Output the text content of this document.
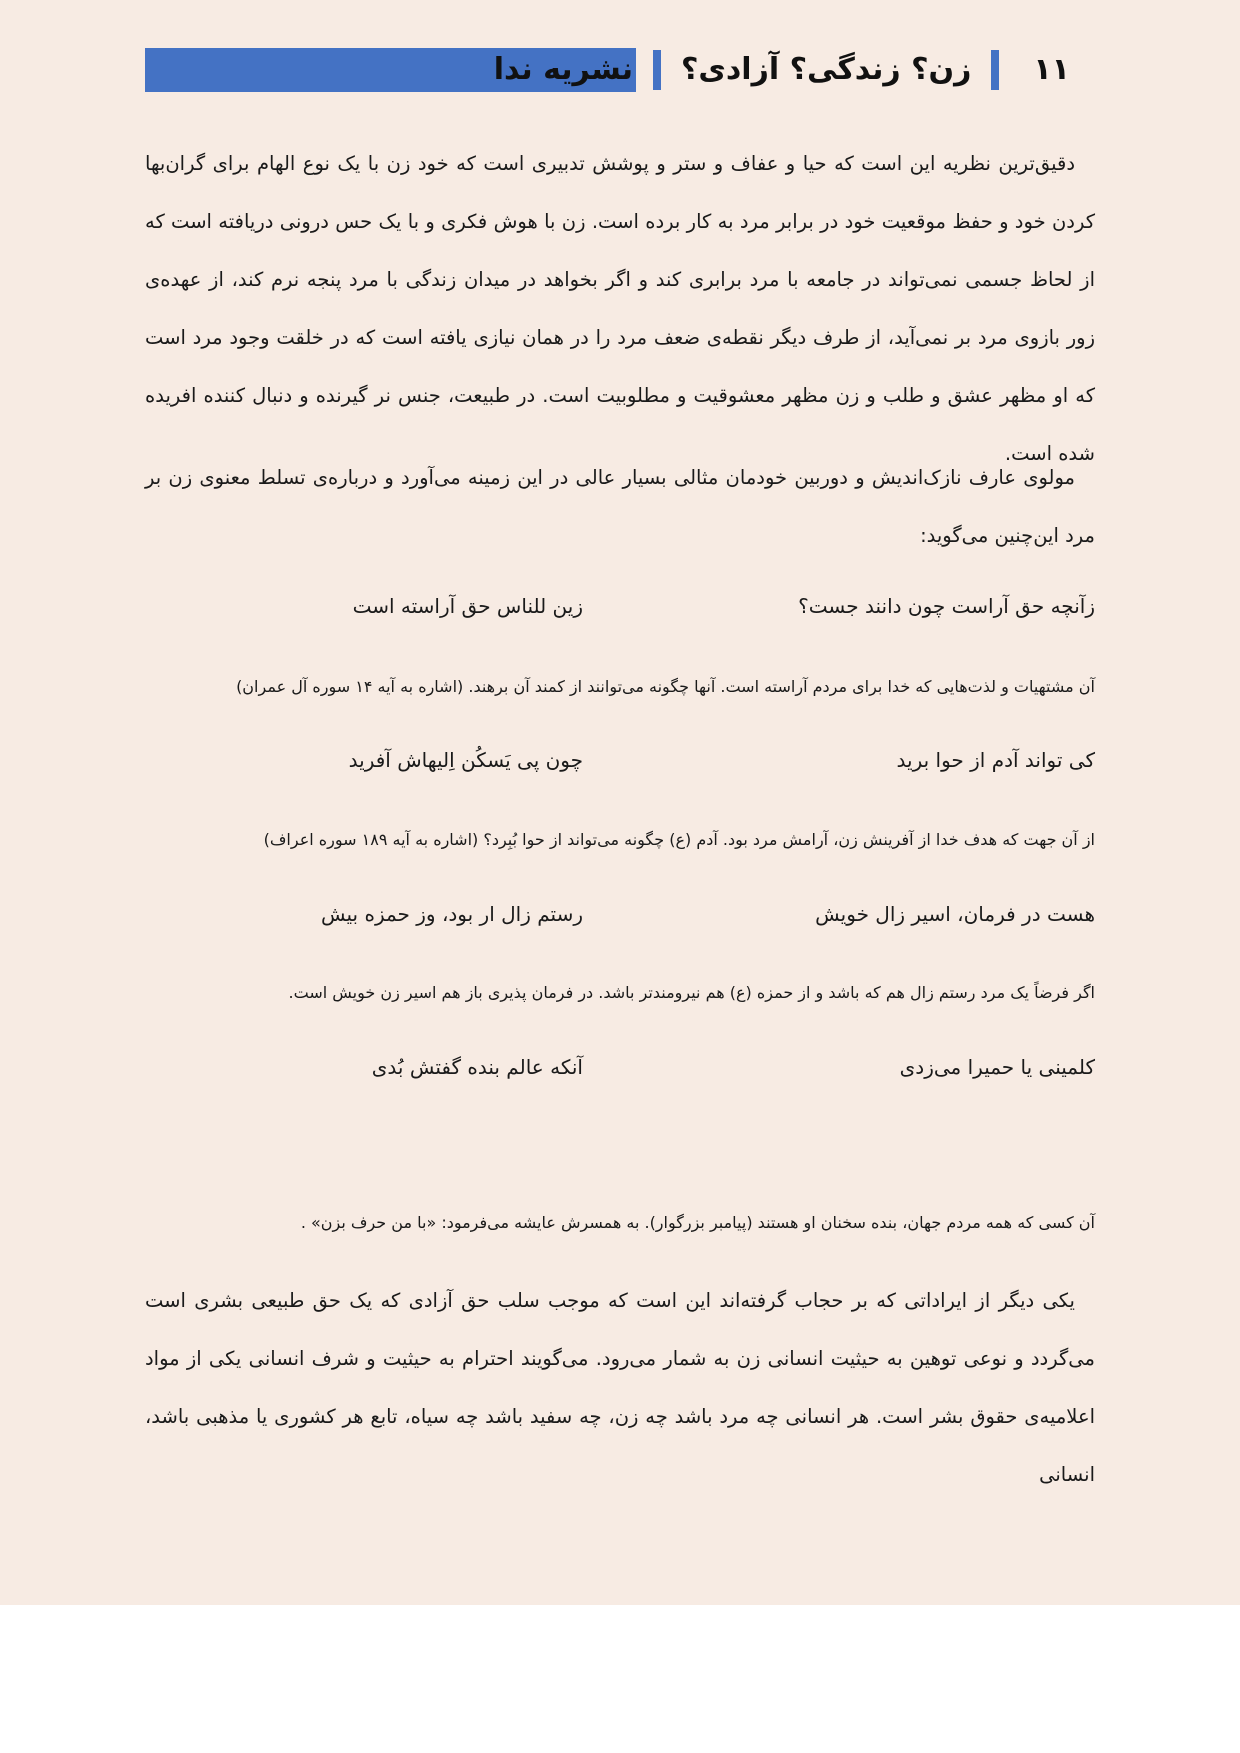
نشریه ندا	زن؟ زندگی؟ آزادی؟	۱۱

دقیق‌ترین نظریه این است که حیا و عفاف و ستر و پوشش تدبیری است که خود زن با یک نوع الهام برای گران‌بها کردن خود و حفظ موقعیت خود در برابر مرد به کار برده است. زن با هوش فکری و با یک حس درونی دریافته است که از لحاظ جسمی نمی‌تواند در جامعه با مرد برابری کند و اگر بخواهد در میدان زندگی با مرد پنجه نرم کند، از عهده‌ی زور بازوی مرد بر نمی‌آید، از طرف دیگر نقطه‌ی ضعف مرد را در همان نیازی یافته است که در خلقت وجود مرد است که او مظهر عشق و طلب و زن مظهر معشوقیت و مطلوبیت است. در طبیعت، جنس نر گیرنده و دنبال کننده افریده شده است.

مولوی عارف نازک‌اندیش و دوربین خودمان مثالی بسیار عالی در این زمینه می‌آورد و درباره‌ی تسلط معنوی زن بر مرد این‌چنین می‌گوید:

زآنچه حق آراست چون دانند جست؟
زین للناس حق آراسته است
آن مشتهیات و لذت‌هایی که خدا برای مردم آراسته است. آنها چگونه می‌توانند از کمند آن برهند. (اشاره به آیه ۱۴ سوره آل عمران)
کی تواند آدم از حوا برید
چون پی یَسکُن اِلیهاش آفرید
از آن جهت که هدف خدا از آفرینش زن، آرامش مرد بود. آدم (ع) چگونه می‌تواند از حوا بُبِرد؟ (اشاره به آیه ۱۸۹ سوره اعراف)
هست در فرمان، اسیر زال خویش
رستم زال ار بود، وز حمزه بیش
اگر فرضاً یک مرد رستم زال هم که باشد و از حمزه (ع) هم نیرومندتر باشد. در فرمان پذیری باز هم اسیر زن خویش است.
کلمینی یا حمیرا می‌زدی
آنکه عالم بنده گفتش بُدی
آن کسی که همه مردم جهان، بنده سخنان او هستند (پیامبر بزرگوار). به همسرش عایشه می‌فرمود: «با من حرف بزن» .

یکی دیگر از ایراداتی که بر حجاب گرفته‌اند این است که موجب سلب حق آزادی که یک حق طبیعی بشری است می‌گردد و نوعی توهین به حیثیت انسانی زن به شمار می‌رود. می‌گویند احترام به حیثیت و شرف انسانی یکی از مواد اعلامیه‌ی حقوق بشر است. هر انسانی چه مرد باشد چه زن، چه سفید باشد چه سیاه، تابع هر کشوری یا مذهبی باشد، انسانی
